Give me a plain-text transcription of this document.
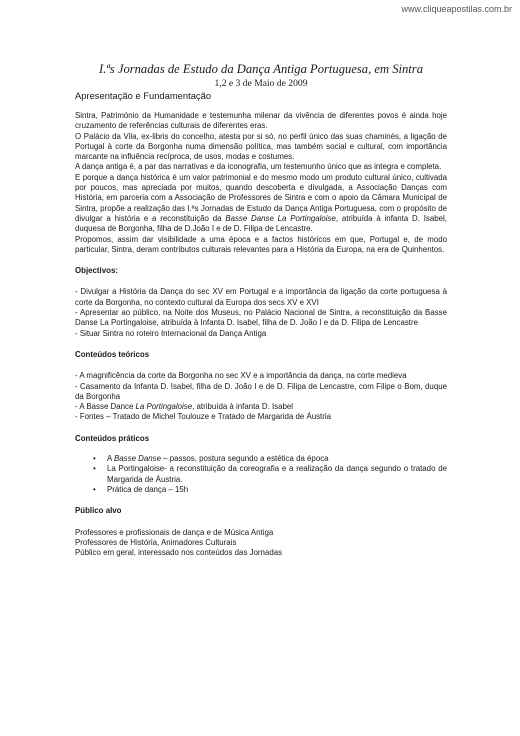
www.cliqueapostilas.com.br
I.ªs Jornadas de Estudo da Dança Antiga Portuguesa, em Sintra
1,2 e 3 de Maio de 2009
Apresentação e Fundamentação

Sintra, Património da Humanidade e testemunha milenar da vivência de diferentes povos é ainda hoje cruzamento de referências culturais de diferentes eras.

O Palácio da Vila, ex-libris do concelho, atesta por si só, no perfil único das suas chaminés, a ligação de Portugal à corte da Borgonha numa dimensão política, mas também social e cultural, com importância marcante na influência recíproca, de usos, modas e costumes.

A dança antiga é, a par das narrativas e da iconografia, um testemunho único que as integra e completa.

E porque a dança histórica é um valor patrimonial e do mesmo modo um produto cultural único, cultivada por poucos, mas apreciada por muitos, quando descoberta e divulgada, a Associação Danças com História, em parceria com a Associação de Professores de Sintra e com o apoio da Câmara Municipal de Sintra, propõe a realização das I.ªs Jornadas de Estudo da Dança Antiga Portuguesa, com o propósito de divulgar a história e a reconstituição da Basse Danse La Portingaloise, atribuída à infanta D. Isabel, duquesa de Borgonha, filha de D.João I e de D. Filipa de Lencastre.

Propomos, assim dar visibilidade a uma época e a factos históricos em que, Portugal e, de modo particular, Sintra, deram contributos culturais relevantes para a História da Europa, na era de Quinhentos.

Objectivos:
- Divulgar a História da Dança do sec XV em Portugal e a importância da ligação da corte portuguesa à corte da Borgonha, no contexto cultural da Europa dos secs XV e XVI
- Apresentar ao público, na Noite dos Museus, no Palácio Nacional de Sintra, a reconstituição da Basse Danse La Portingaloise, atribuída à Infanta D. Isabel, filha de D. João I e da D. Filipa de Lencastre
- Situar Sintra no roteiro Internacional da Dança Antiga
Conteúdos teóricos
- A magnificência da corte da Borgonha no sec XV e a importância da dança, na corte medieva
- Casamento da Infanta D. Isabel, filha de D. João I e de D. Filipa de Lencastre, com Filipe o Bom, duque da Borgonha
- A Basse Dance La Portingaloise, atribuída à infanta D. Isabel
- Fontes – Tratado de Michel Toulouze e Tratado de Margarida de Áustria
Conteúdos práticos
• A Basse Danse – passos, postura segundo a estética da época
• La Portingaloise- a reconstituição da coreografia e a realização da dança segundo o tratado de Margarida de Áustria.
• Prática de dança – 15h
Público alvo
Professores e profissionais de dança e de Música Antiga
Professores de História, Animadores Culturais
Público em geral, interessado nos conteúdos das Jornadas
